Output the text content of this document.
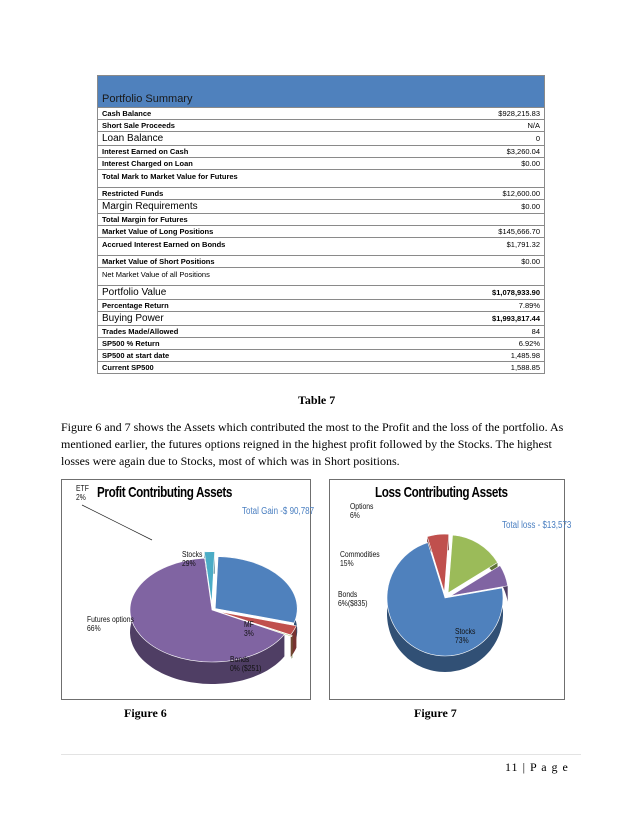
Portfolio Summary
Cash Balance	$928,215.83
Short Sale Proceeds	N/A
Loan Balance	0
Interest Earned on Cash	$3,260.04
Interest Charged on Loan	$0.00
Total Mark to Market Value for Futures
Restricted Funds	$12,600.00
Margin Requirements	$0.00
Total Margin for Futures
Market Value of Long Positions	$145,666.70
Accrued Interest Earned on Bonds	$1,791.32
Market Value of Short Positions	$0.00
Net Market Value of all Positions
Portfolio Value	$1,078,933.90
Percentage Return	7.89%
Buying Power	$1,993,817.44
Trades Made/Allowed	84
SP500 % Return	6.92%
SP500 at start date	1,485.98
Current SP500	1,588.85
Table 7

Figure 6 and 7 shows the Assets which contributed the most to the Profit and the loss of the portfolio. As mentioned earlier, the futures options reigned in the highest profit followed by the Stocks. The highest losses were again due to Stocks, most of which was in Short positions.

Profit Contributing Assets
Total Gain -$ 90,787
ETF
2%
Stocks
29%
MF
3%
Bonds
0% ($251)
Futures options
66%
Loss Contributing Assets
Total loss - $13,573
Options
6%
Commodities
15%
Bonds
6%($835)
Stocks
73%
Figure 6	Figure 7
11 | P a g e
